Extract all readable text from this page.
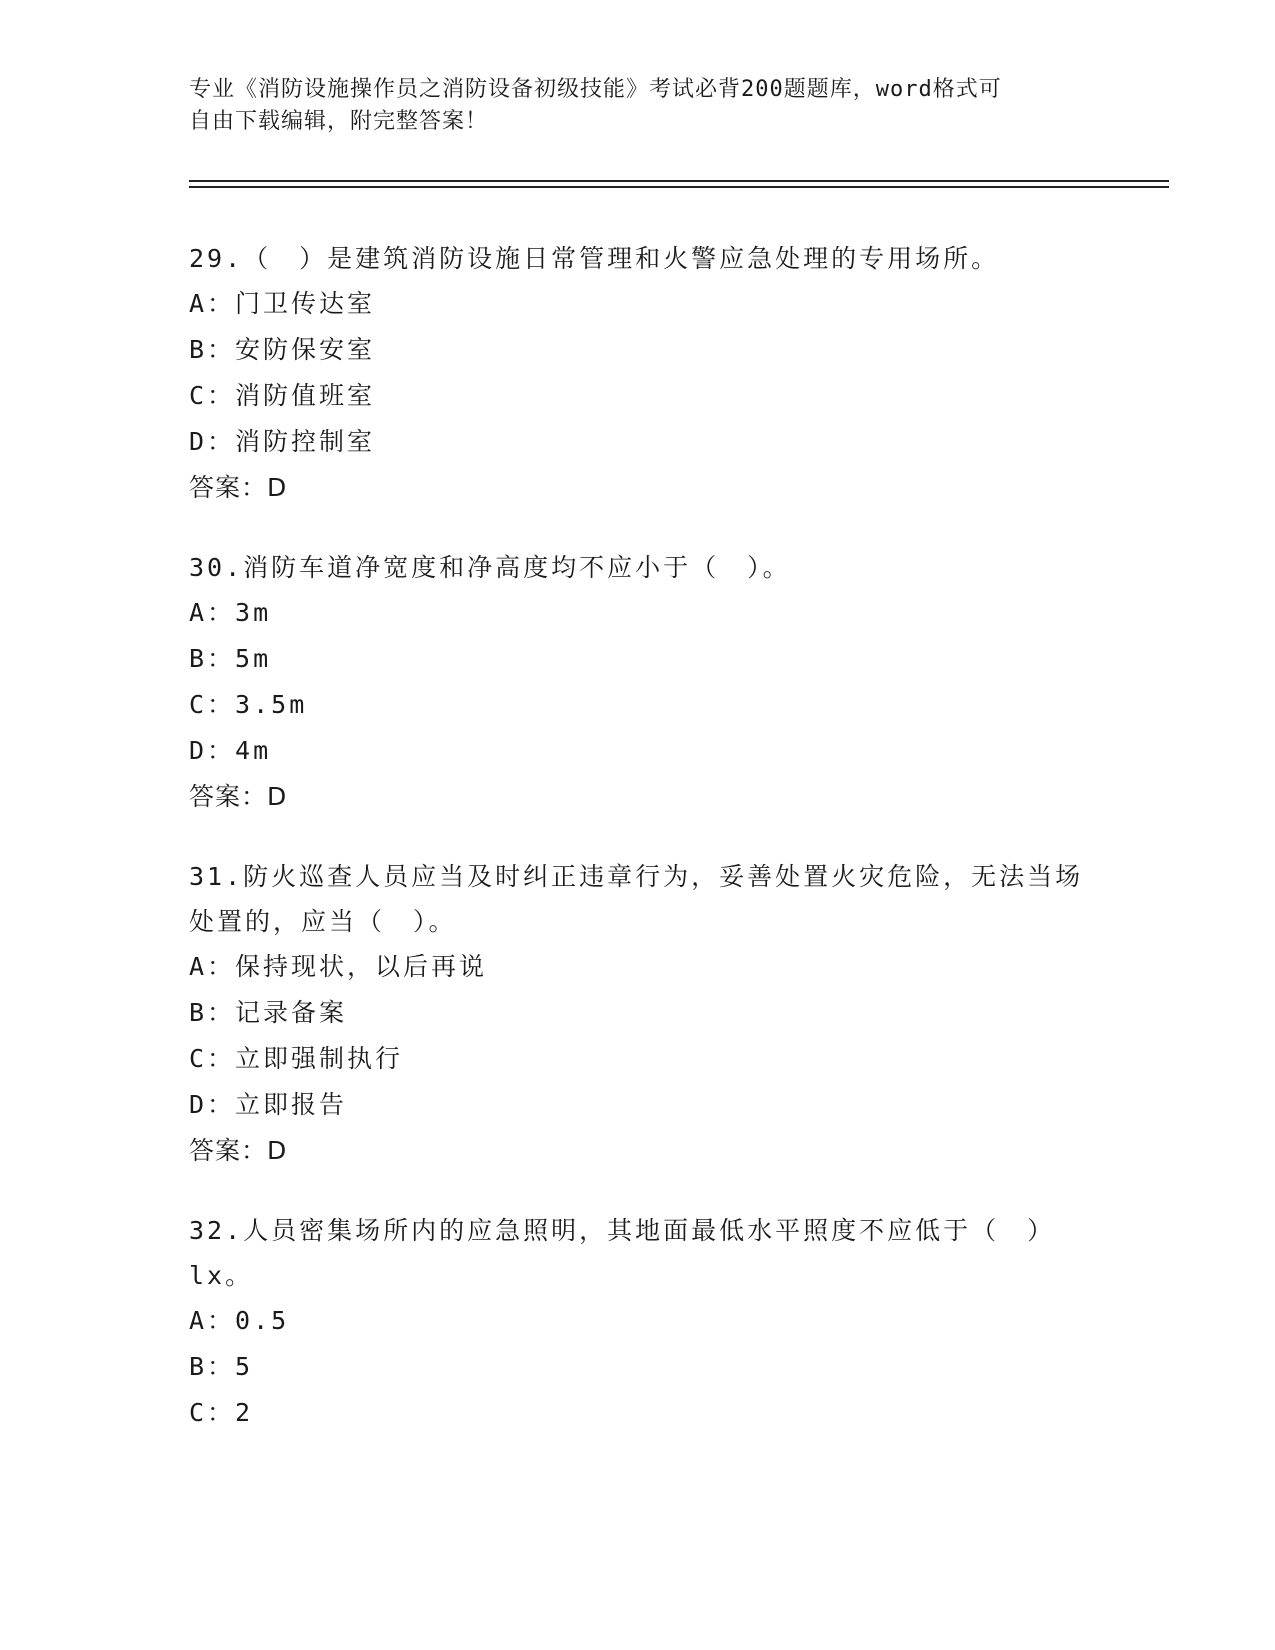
专业《消防设施操作员之消防设备初级技能》考试必背200题题库，word格式可
自由下载编辑，附完整答案！
29.（　）是建筑消防设施日常管理和火警应急处理的专用场所。
A：门卫传达室
B：安防保安室
C：消防值班室
D：消防控制室
答案：D
30.消防车道净宽度和净高度均不应小于（　）。
A：3m
B：5m
C：3.5m
D：4m
答案：D
31.防火巡查人员应当及时纠正违章行为，妥善处置火灾危险，无法当场处置的，应当（　）。
A：保持现状，以后再说
B：记录备案
C：立即强制执行
D：立即报告
答案：D
32.人员密集场所内的应急照明，其地面最低水平照度不应低于（　）lx。
A：0.5
B：5
C：2
